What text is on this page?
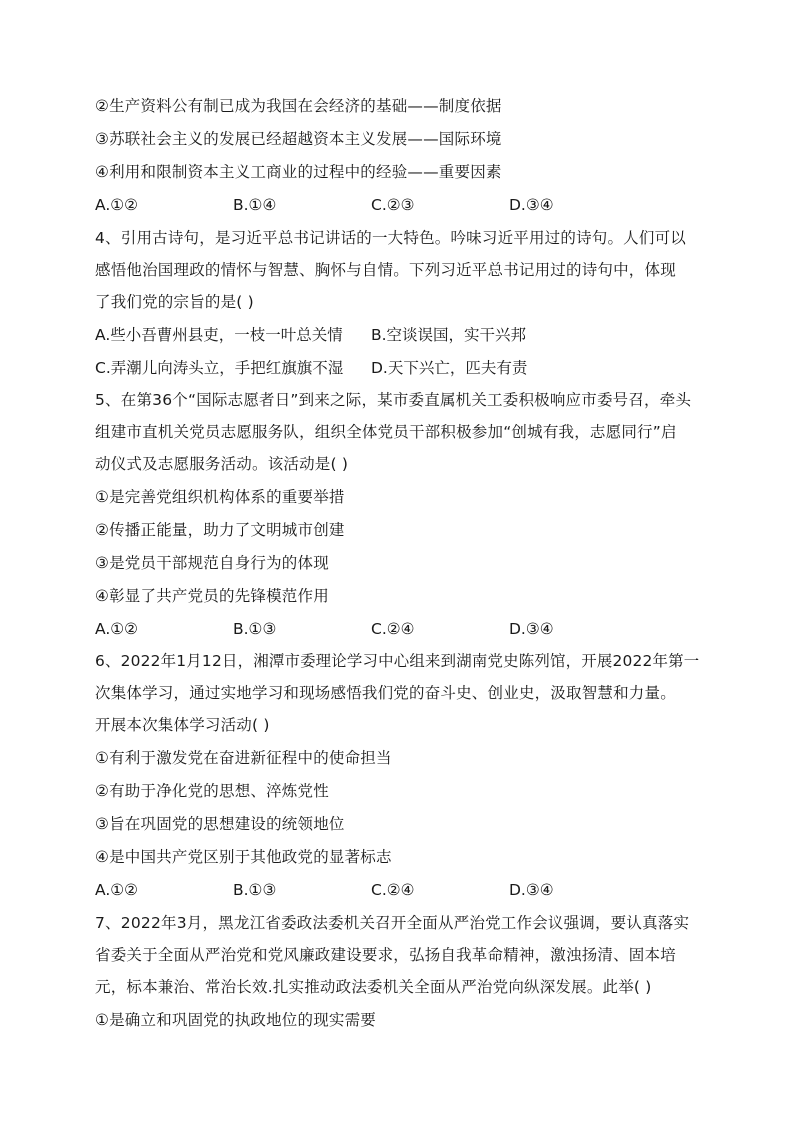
②生产资料公有制已成为我国在会经济的基础——制度依据
③苏联社会主义的发展已经超越资本主义发展——国际环境
④利用和限制资本主义工商业的过程中的经验——重要因素
A.①②	B.①④	C.②③	D.③④
4、引用古诗句，是习近平总书记讲话的一大特色。吟味习近平用过的诗句。人们可以
感悟他治国理政的情怀与智慧、胸怀与自情。下列习近平总书记用过的诗句中，体现
了我们党的宗旨的是( )
A.些小吾曹州县吏，一枝一叶总关情 B.空谈误国，实干兴邦
C.弄潮儿向涛头立，手把红旗旗不湿 D.天下兴亡，匹夫有责
5、在第36个“国际志愿者日”到来之际，某市委直属机关工委积极响应市委号召，牵头
组建市直机关党员志愿服务队，组织全体党员干部积极参加“创城有我，志愿同行”启
动仪式及志愿服务活动。该活动是( )
①是完善党组织机构体系的重要举措
②传播正能量，助力了文明城市创建
③是党员干部规范自身行为的体现
④彰显了共产党员的先锋模范作用
A.①②	B.①③	C.②④	D.③④
6、2022年1月12日，湘潭市委理论学习中心组来到湖南党史陈列馆，开展2022年第一
次集体学习，通过实地学习和现场感悟我们党的奋斗史、创业史，汲取智慧和力量。
开展本次集体学习活动( )
①有利于激发党在奋进新征程中的使命担当
②有助于净化党的思想、淬炼党性
③旨在巩固党的思想建设的统领地位
④是中国共产党区别于其他政党的显著标志
A.①②	B.①③	C.②④	D.③④
7、2022年3月，黑龙江省委政法委机关召开全面从严治党工作会议强调，要认真落实
省委关于全面从严治党和党风廉政建设要求，弘扬自我革命精神，激浊扬清、固本培
元，标本兼治、常治长效.扎实推动政法委机关全面从严治党向纵深发展。此举( )
①是确立和巩固党的执政地位的现实需要
